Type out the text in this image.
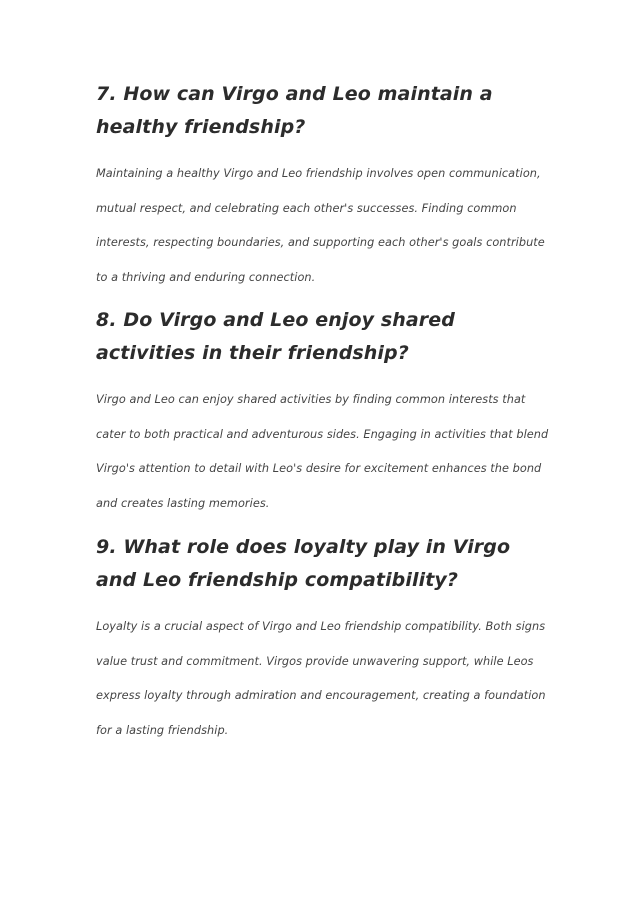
7. How can Virgo and Leo maintain a healthy friendship?

Maintaining a healthy Virgo and Leo friendship involves open communication, mutual respect, and celebrating each other's successes. Finding common interests, respecting boundaries, and supporting each other's goals contribute to a thriving and enduring connection.

8. Do Virgo and Leo enjoy shared activities in their friendship?

Virgo and Leo can enjoy shared activities by finding common interests that cater to both practical and adventurous sides. Engaging in activities that blend Virgo's attention to detail with Leo's desire for excitement enhances the bond and creates lasting memories.

9. What role does loyalty play in Virgo and Leo friendship compatibility?

Loyalty is a crucial aspect of Virgo and Leo friendship compatibility. Both signs value trust and commitment. Virgos provide unwavering support, while Leos express loyalty through admiration and encouragement, creating a foundation for a lasting friendship.
